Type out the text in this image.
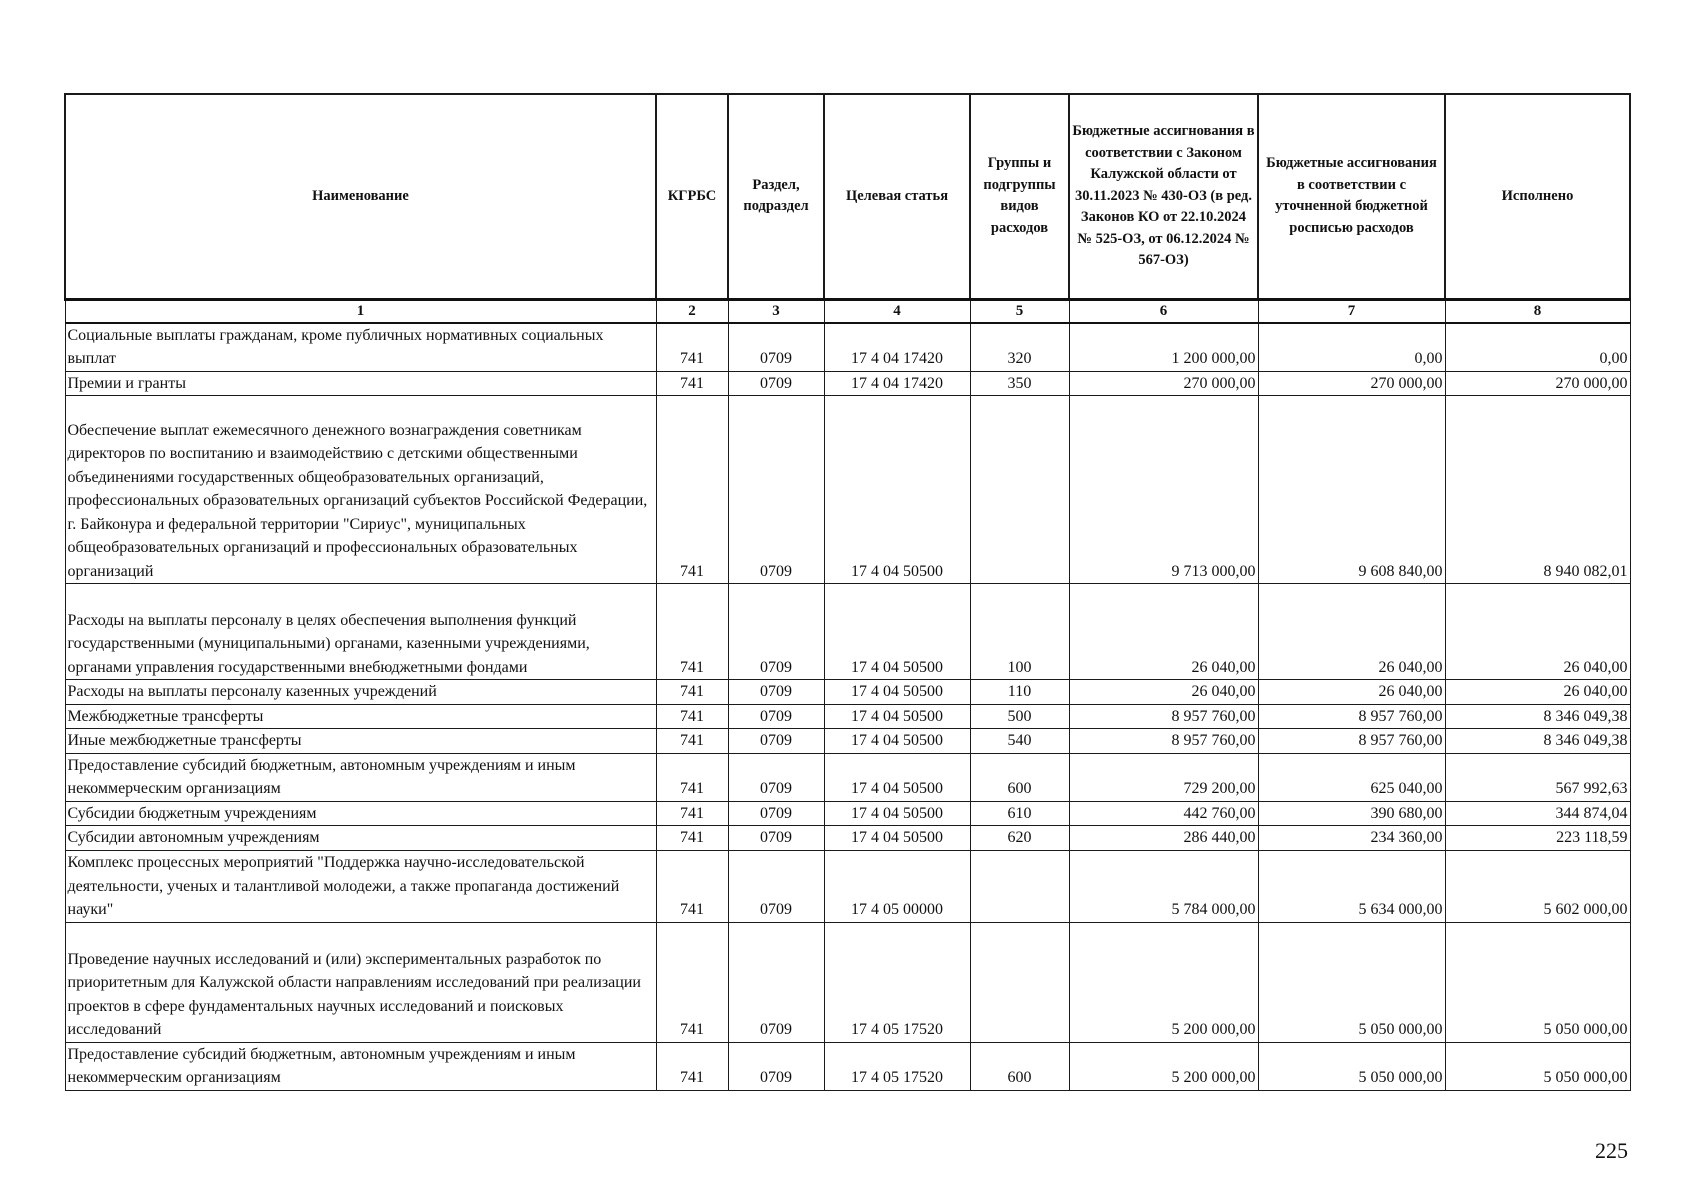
Наименование	КГРБС	Раздел, подраздел	Целевая статья	Группы и подгруппы видов расходов	Бюджетные ассигнования в соответствии с Законом Калужской области от 30.11.2023 № 430-ОЗ (в ред. Законов КО от 22.10.2024 № 525-ОЗ, от 06.12.2024 № 567-ОЗ)	Бюджетные ассигнования в соответствии с уточненной бюджетной росписью расходов	Исполнено
1	2	3	4	5	6	7	8
Социальные выплаты гражданам, кроме публичных нормативных социальных выплат	741	0709	17 4 04 17420	320	1 200 000,00	0,00	0,00
Премии и гранты	741	0709	17 4 04 17420	350	270 000,00	270 000,00	270 000,00
Обеспечение выплат ежемесячного денежного вознаграждения советникам директоров по воспитанию и взаимодействию с детскими общественными объединениями государственных общеобразовательных организаций, профессиональных образовательных организаций субъектов Российской Федерации, г. Байконура и федеральной территории "Сириус", муниципальных общеобразовательных организаций и профессиональных образовательных организаций	741	0709	17 4 04 50500		9 713 000,00	9 608 840,00	8 940 082,01
Расходы на выплаты персоналу в целях обеспечения выполнения функций государственными (муниципальными) органами, казенными учреждениями, органами управления государственными внебюджетными фондами	741	0709	17 4 04 50500	100	26 040,00	26 040,00	26 040,00
Расходы на выплаты персоналу казенных учреждений	741	0709	17 4 04 50500	110	26 040,00	26 040,00	26 040,00
Межбюджетные трансферты	741	0709	17 4 04 50500	500	8 957 760,00	8 957 760,00	8 346 049,38
Иные межбюджетные трансферты	741	0709	17 4 04 50500	540	8 957 760,00	8 957 760,00	8 346 049,38
Предоставление субсидий бюджетным, автономным учреждениям и иным некоммерческим организациям	741	0709	17 4 04 50500	600	729 200,00	625 040,00	567 992,63
Субсидии бюджетным учреждениям	741	0709	17 4 04 50500	610	442 760,00	390 680,00	344 874,04
Субсидии автономным учреждениям	741	0709	17 4 04 50500	620	286 440,00	234 360,00	223 118,59
Комплекс процессных мероприятий "Поддержка научно-исследовательской деятельности, ученых и талантливой молодежи, а также пропаганда достижений науки"	741	0709	17 4 05 00000		5 784 000,00	5 634 000,00	5 602 000,00
Проведение научных исследований и (или) экспериментальных разработок по приоритетным для Калужской области направлениям исследований при реализации проектов в сфере фундаментальных научных исследований и поисковых исследований	741	0709	17 4 05 17520		5 200 000,00	5 050 000,00	5 050 000,00
Предоставление субсидий бюджетным, автономным учреждениям и иным некоммерческим организациям	741	0709	17 4 05 17520	600	5 200 000,00	5 050 000,00	5 050 000,00
225
